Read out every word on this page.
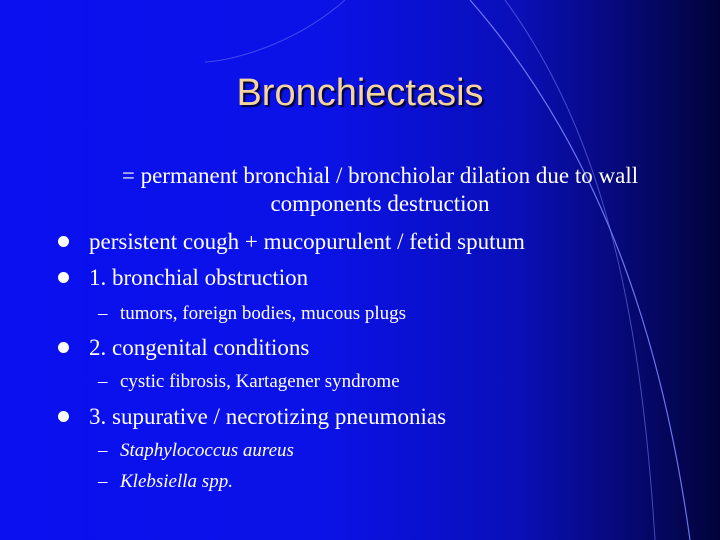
Bronchiectasis
= permanent bronchial / bronchiolar dilation due to wall components destruction
persistent cough + mucopurulent / fetid sputum
1. bronchial obstruction
– tumors, foreign bodies, mucous plugs
2. congenital conditions
– cystic fibrosis, Kartagener syndrome
3. supurative / necrotizing pneumonias
– Staphylococcus aureus
– Klebsiella spp.
